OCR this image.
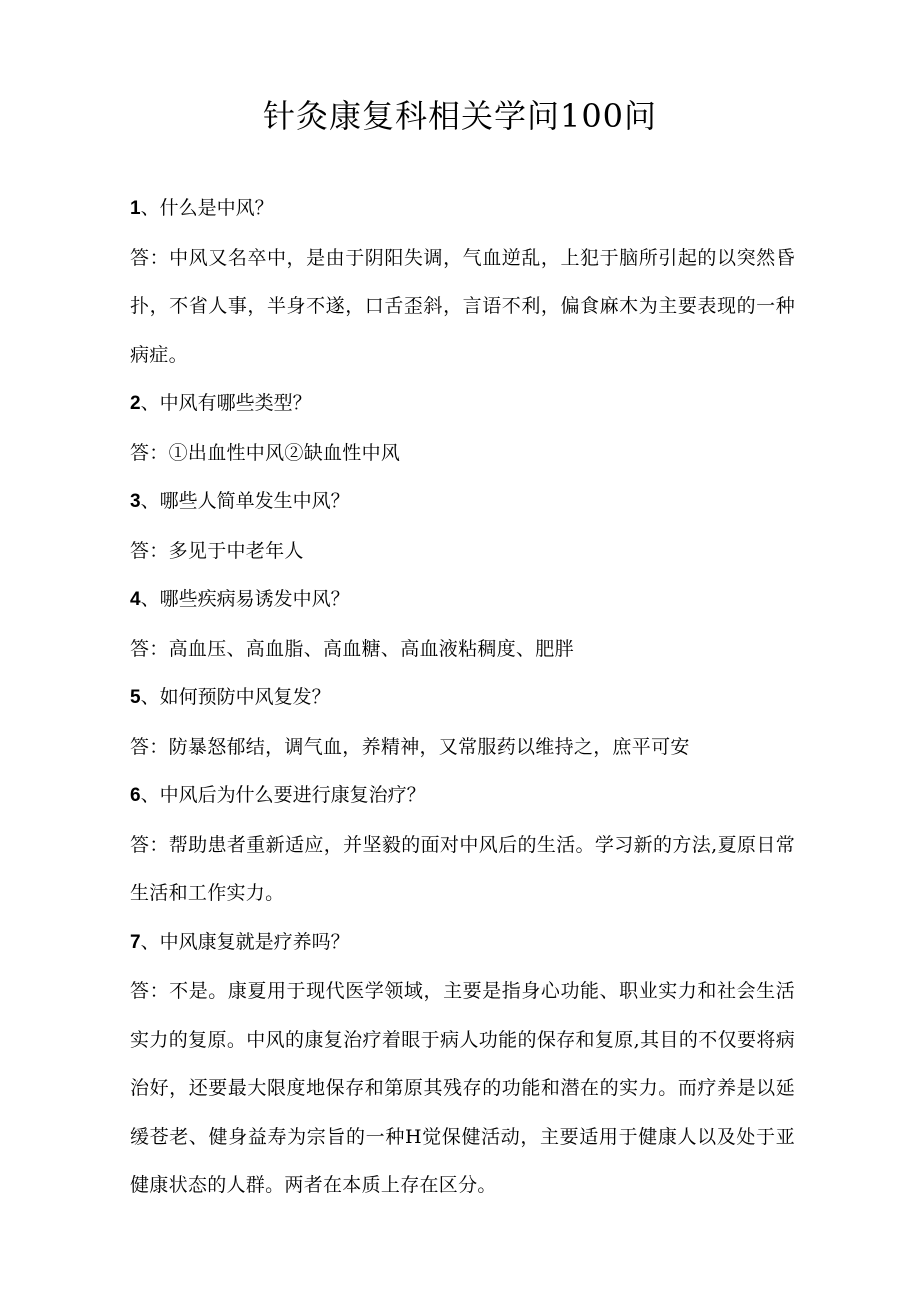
针灸康复科相关学问100问

1、什么是中风？

答：中风又名卒中，是由于阴阳失调，气血逆乱，上犯于脑所引起的以突然昏扑，不省人事，半身不遂，口舌歪斜，言语不利，偏食麻木为主要表现的一种病症。

2、中风有哪些类型？

答：①出血性中风②缺血性中风

3、哪些人简单发生中风？

答：多见于中老年人

4、哪些疾病易诱发中风？

答：高血压、高血脂、高血糖、高血液粘稠度、肥胖

5、如何预防中风复发？

答：防暴怒郁结，调气血，养精神，又常服药以维持之，庶平可安

6、中风后为什么要进行康复治疗？

答：帮助患者重新适应，并坚毅的面对中风后的生活。学习新的方法,夏原日常生活和工作实力。

7、中风康复就是疗养吗？

答：不是。康夏用于现代医学领域，主要是指身心功能、职业实力和社会生活实力的复原。中风的康复治疗着眼于病人功能的保存和复原,其目的不仅要将病治好，还要最大限度地保存和第原其残存的功能和潜在的实力。而疗养是以延缓苍老、健身益寿为宗旨的一种H觉保健活动，主要适用于健康人以及处于亚健康状态的人群。两者在本质上存在区分。
